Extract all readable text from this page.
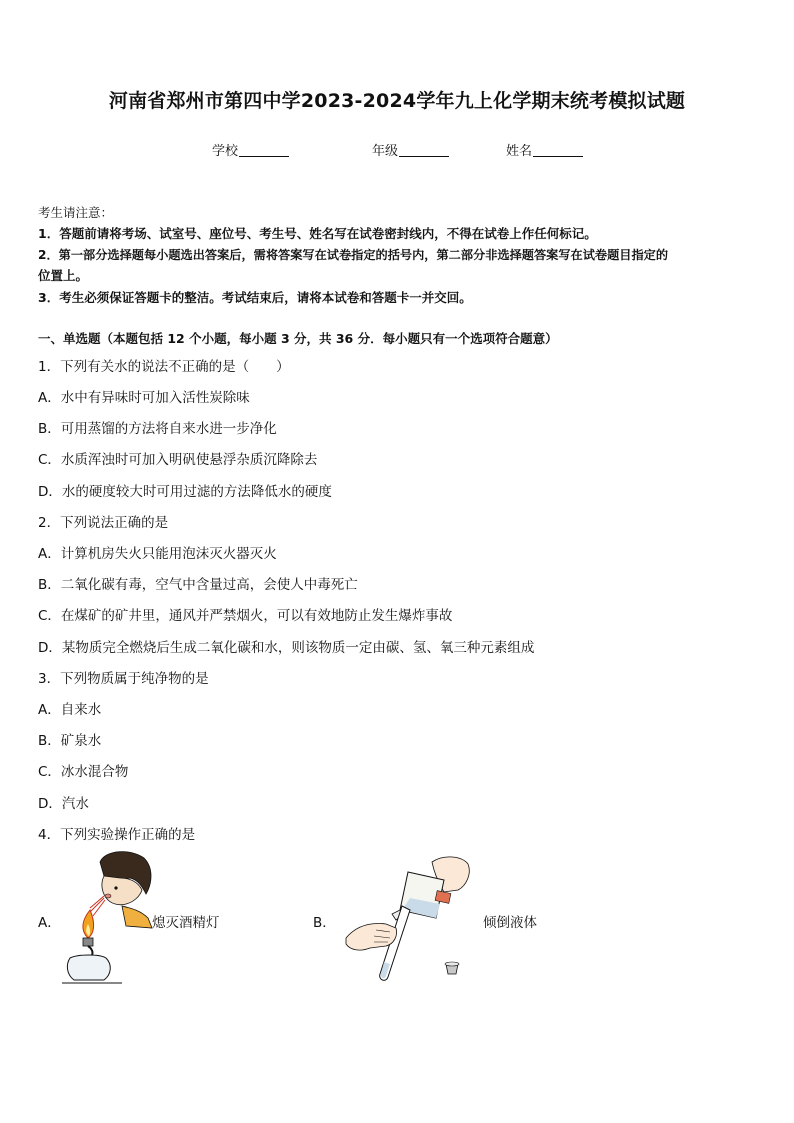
河南省郑州市第四中学2023-2024学年九上化学期末统考模拟试题
学校	年级	姓名
考生请注意：
1．答题前请将考场、试室号、座位号、考生号、姓名写在试卷密封线内，不得在试卷上作任何标记。
2．第一部分选择题每小题选出答案后，需将答案写在试卷指定的括号内，第二部分非选择题答案写在试卷题目指定的
位置上。
3．考生必须保证答题卡的整洁。考试结束后，请将本试卷和答题卡一并交回。
一、单选题（本题包括 12 个小题，每小题 3 分，共 36 分．每小题只有一个选项符合题意）
1．下列有关水的说法不正确的是（　　）
A．水中有异味时可加入活性炭除味
B．可用蒸馏的方法将自来水进一步净化
C．水质浑浊时可加入明矾使悬浮杂质沉降除去
D．水的硬度较大时可用过滤的方法降低水的硬度
2．下列说法正确的是
A．计算机房失火只能用泡沫灭火器灭火
B．二氧化碳有毒，空气中含量过高，会使人中毒死亡
C．在煤矿的矿井里，通风并严禁烟火，可以有效地防止发生爆炸事故
D．某物质完全燃烧后生成二氧化碳和水，则该物质一定由碳、氢、氧三种元素组成
3．下列物质属于纯净物的是
A．自来水
B．矿泉水
C．冰水混合物
D．汽水
4．下列实验操作正确的是
A．	熄灭酒精灯	B．	倾倒液体
